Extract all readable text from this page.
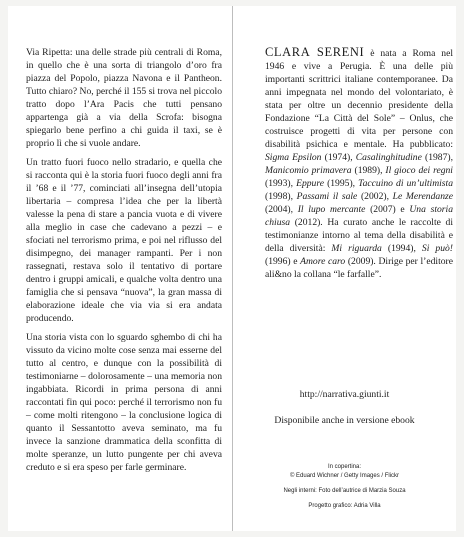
Via Ripetta: una delle strade più centrali di Roma, in quello che è una sorta di triangolo d’oro fra piazza del Popolo, piazza Navona e il Pantheon. Tutto chiaro? No, perché il 155 si trova nel piccolo tratto dopo l’Ara Pacis che tutti pensano appartenga già a via della Scrofa: bisogna spiegarlo bene perfino a chi guida il taxi, se è proprio lì che si vuole andare.

Un tratto fuori fuoco nello stradario, e quella che si racconta qui è la storia fuori fuoco degli anni fra il ’68 e il ’77, cominciati all’insegna dell’utopia libertaria – compresa l’idea che per la libertà valesse la pena di stare a pancia vuota e di vivere alla meglio in case che cadevano a pezzi – e sfociati nel terrorismo prima, e poi nel riflusso del disimpegno, dei manager rampanti. Per i non rassegnati, restava solo il tentativo di portare dentro i gruppi amicali, e qualche volta dentro una famiglia che si pensava “nuova”, la gran massa di elaborazione ideale che via via si era andata producendo.

Una storia vista con lo sguardo sghembo di chi ha vissuto da vicino molte cose senza mai esserne del tutto al centro, e dunque con la possibilità di testimoniarne – dolorosamente – una memoria non ingabbiata. Ricordi in prima persona di anni raccontati fin qui poco: perché il terrorismo non fu – come molti ritengono – la conclusione logica di quanto il Sessantotto aveva seminato, ma fu invece la sanzione drammatica della sconfitta di molte speranze, un lutto pungente per chi aveva creduto e si era speso per farle germinare.

CLARA SERENI è nata a Roma nel 1946 e vive a Perugia. È una delle più importanti scrittrici italiane contemporanee. Da anni impegnata nel mondo del volontariato, è stata per oltre un decennio presidente della Fondazione “La Città del Sole” – Onlus, che costruisce progetti di vita per persone con disabilità psichica e mentale. Ha pubblicato: Sigma Epsilon (1974), Casalinghitudine (1987), Manicomio primavera (1989), Il gioco dei regni (1993), Eppure (1995), Taccuino di un’ultimista (1998), Passami il sale (2002), Le Merendanze (2004), Il lupo mercante (2007) e Una storia chiusa (2012). Ha curato anche le raccolte di testimonianze intorno al tema della disabilità e della diversità: Mi riguarda (1994), Si può! (1996) e Amore caro (2009). Dirige per l’editore ali&no la collana “le farfalle”.
http://narrativa.giunti.it
Disponibile anche in versione ebook
In copertina:
© Eduard Wichner / Getty Images / Flickr
Negli interni: Foto dell’autrice di Marzia Souza
Progetto grafico: Adria Villa
